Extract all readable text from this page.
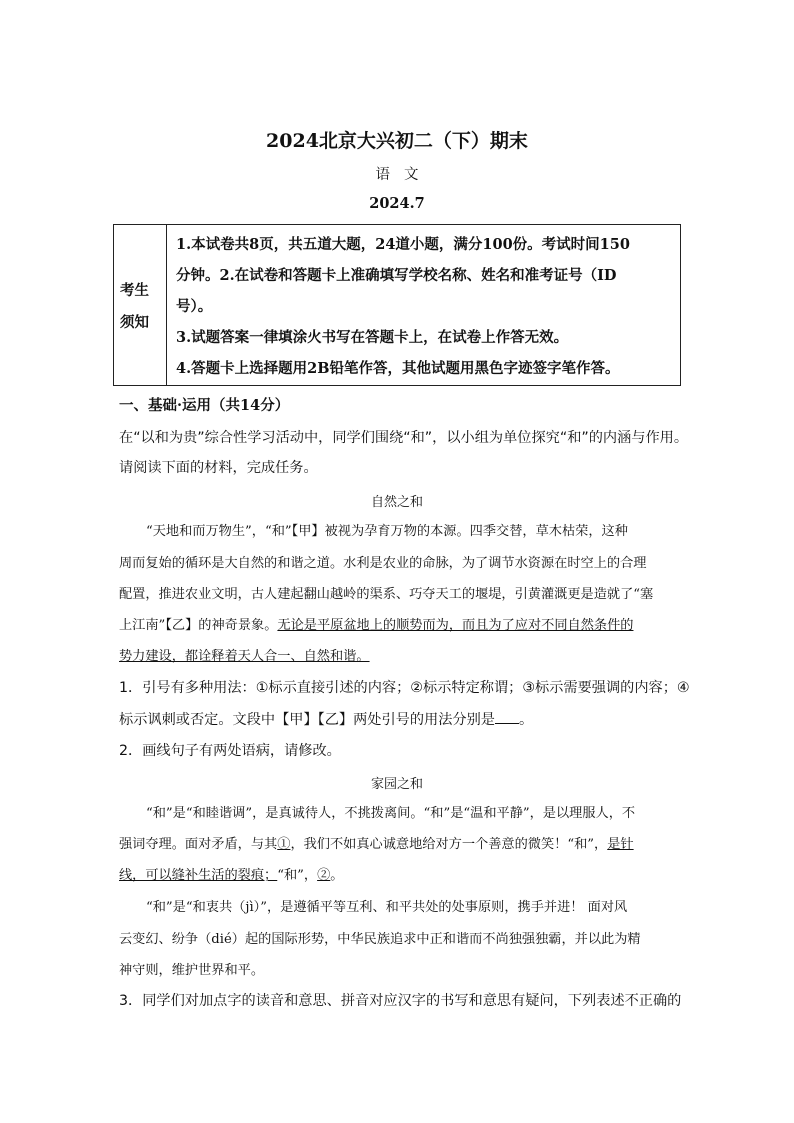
2024北京大兴初二（下）期末
语文
2024.7
考生
须知
1.本试卷共8页，共五道大题，24道小题，满分100份。考试时间150
分钟。2.在试卷和答题卡上准确填写学校名称、姓名和准考证号（ID
号）。
3.试题答案一律填涂火书写在答题卡上，在试卷上作答无效。
4.答题卡上选择题用2B铅笔作答，其他试题用黑色字迹签字笔作答。
一、基础·运用（共14分）
在“以和为贵”综合性学习活动中，同学们围绕“和”，以小组为单位探究“和”的内涵与作用。
请阅读下面的材料，完成任务。
自然之和
“天地和而万物生”，“和”【甲】被视为孕育万物的本源。四季交替，草木枯荣，这种
周而复始的循环是大自然的和谐之道。水利是农业的命脉，为了调节水资源在时空上的合理
配置，推进农业文明，古人建起翻山越岭的渠系、巧夺天工的堰堤，引黄灌溉更是造就了“塞
上江南”【乙】的神奇景象。无论是平原盆地上的顺势而为，而且为了应对不同自然条件的
势力建设，都诠释着天人合一、自然和谐。
1．引号有多种用法：①标示直接引述的内容；②标示特定称谓；③标示需要强调的内容；④
标示讽刺或否定。文段中【甲】【乙】两处引号的用法分别是 。
2．画线句子有两处语病，请修改。
家园之和
“和”是“和睦谐调”，是真诚待人，不挑拨离间。“和”是“温和平静”，是以理服人，不
强词夺理。面对矛盾，与其①，我们不如真心诚意地给对方一个善意的微笑！“和”，是针
线，可以缝补生活的裂痕；“和”，②。
“和”是“和衷共（jì）”，是遵循平等互利、和平共处的处事原则，携手并进！ 面对风
云变幻、纷争（dié）起的国际形势，中华民族追求中正和谐而不尚独强独霸，并以此为精
神守则，维护世界和平。
3．同学们对加点字的读音和意思、拼音对应汉字的书写和意思有疑问，下列表述不正确的
